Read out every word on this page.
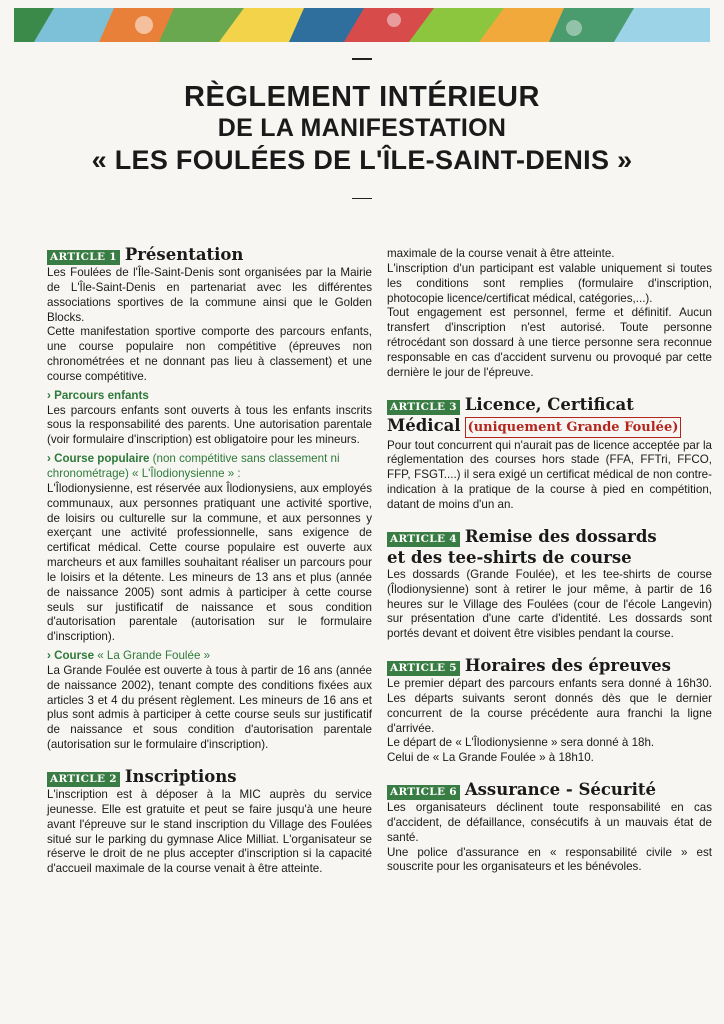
RÈGLEMENT INTÉRIEUR
DE LA MANIFESTATION
« LES FOULÉES DE L'ÎLE-SAINT-DENIS »
ARTICLE 1 Présentation

Les Foulées de l'Île-Saint-Denis sont organisées par la Mairie de L'Île-Saint-Denis en partenariat avec les différentes associations sportives de la commune ainsi que le Golden Blocks.

Cette manifestation sportive comporte des parcours enfants, une course populaire non compétitive (épreuves non chronométrées et ne donnant pas lieu à classement) et une course compétitive.

› Parcours enfants

Les parcours enfants sont ouverts à tous les enfants inscrits sous la responsabilité des parents. Une autorisation parentale (voir formulaire d'inscription) est obligatoire pour les mineurs.

› Course populaire (non compétitive sans classement ni chronométrage) « L'Îlodionysienne » :

L'Îlodionysienne, est réservée aux Îlodionysiens, aux employés communaux, aux personnes pratiquant une activité sportive, de loisirs ou culturelle sur la commune, et aux personnes y exerçant une activité professionnelle, sans exigence de certificat médical. Cette course populaire est ouverte aux marcheurs et aux familles souhaitant réaliser un parcours pour le loisirs et la détente. Les mineurs de 13 ans et plus (année de naissance 2005) sont admis à participer à cette course seuls sur justificatif de naissance et sous condition d'autorisation parentale (autorisation sur le formulaire d'inscription).

› Course « La Grande Foulée »

La Grande Foulée est ouverte à tous à partir de 16 ans (année de naissance 2002), tenant compte des conditions fixées aux articles 3 et 4 du présent règlement. Les mineurs de 16 ans et plus sont admis à participer à cette course seuls sur justificatif de naissance et sous condition d'autorisation parentale (autorisation sur le formulaire d'inscription).

ARTICLE 2 Inscriptions

L'inscription est à déposer à la MIC auprès du service jeunesse. Elle est gratuite et peut se faire jusqu'à une heure avant l'épreuve sur le stand inscription du Village des Foulées situé sur le parking du gymnase Alice Milliat. L'organisateur se réserve le droit de ne plus accepter d'inscription si la capacité d'accueil maximale de la course venait à être atteinte.

maximale de la course venait à être atteinte.

L'inscription d'un participant est valable uniquement si toutes les conditions sont remplies (formulaire d'inscription, photocopie licence/certificat médical, catégories,...).

Tout engagement est personnel, ferme et définitif. Aucun transfert d'inscription n'est autorisé. Toute personne rétrocédant son dossard à une tierce personne sera reconnue responsable en cas d'accident survenu ou provoqué par cette dernière le jour de l'épreuve.

ARTICLE 3 Licence, Certificat
Médical (uniquement Grande Foulée)

Pour tout concurrent qui n'aurait pas de licence acceptée par la réglementation des courses hors stade (FFA, FFTri, FFCO, FFP, FSGT....) il sera exigé un certificat médical de non contre-indication à la pratique de la course à pied en compétition, datant de moins d'un an.

ARTICLE 4 Remise des dossards
et des tee-shirts de course

Les dossards (Grande Foulée), et les tee-shirts de course (Îlodionysienne) sont à retirer le jour même, à partir de 16 heures sur le Village des Foulées (cour de l'école Langevin) sur présentation d'une carte d'identité. Les dossards sont portés devant et doivent être visibles pendant la course.

ARTICLE 5 Horaires des épreuves

Le premier départ des parcours enfants sera donné à 16h30. Les départs suivants seront donnés dès que le dernier concurrent de la course précédente aura franchi la ligne d'arrivée.

Le départ de « L'Îlodionysienne » sera donné à 18h.

Celui de « La Grande Foulée » à 18h10.

ARTICLE 6 Assurance - Sécurité

Les organisateurs déclinent toute responsabilité en cas d'accident, de défaillance, consécutifs à un mauvais état de santé.

Une police d'assurance en « responsabilité civile » est souscrite pour les organisateurs et les bénévoles.
